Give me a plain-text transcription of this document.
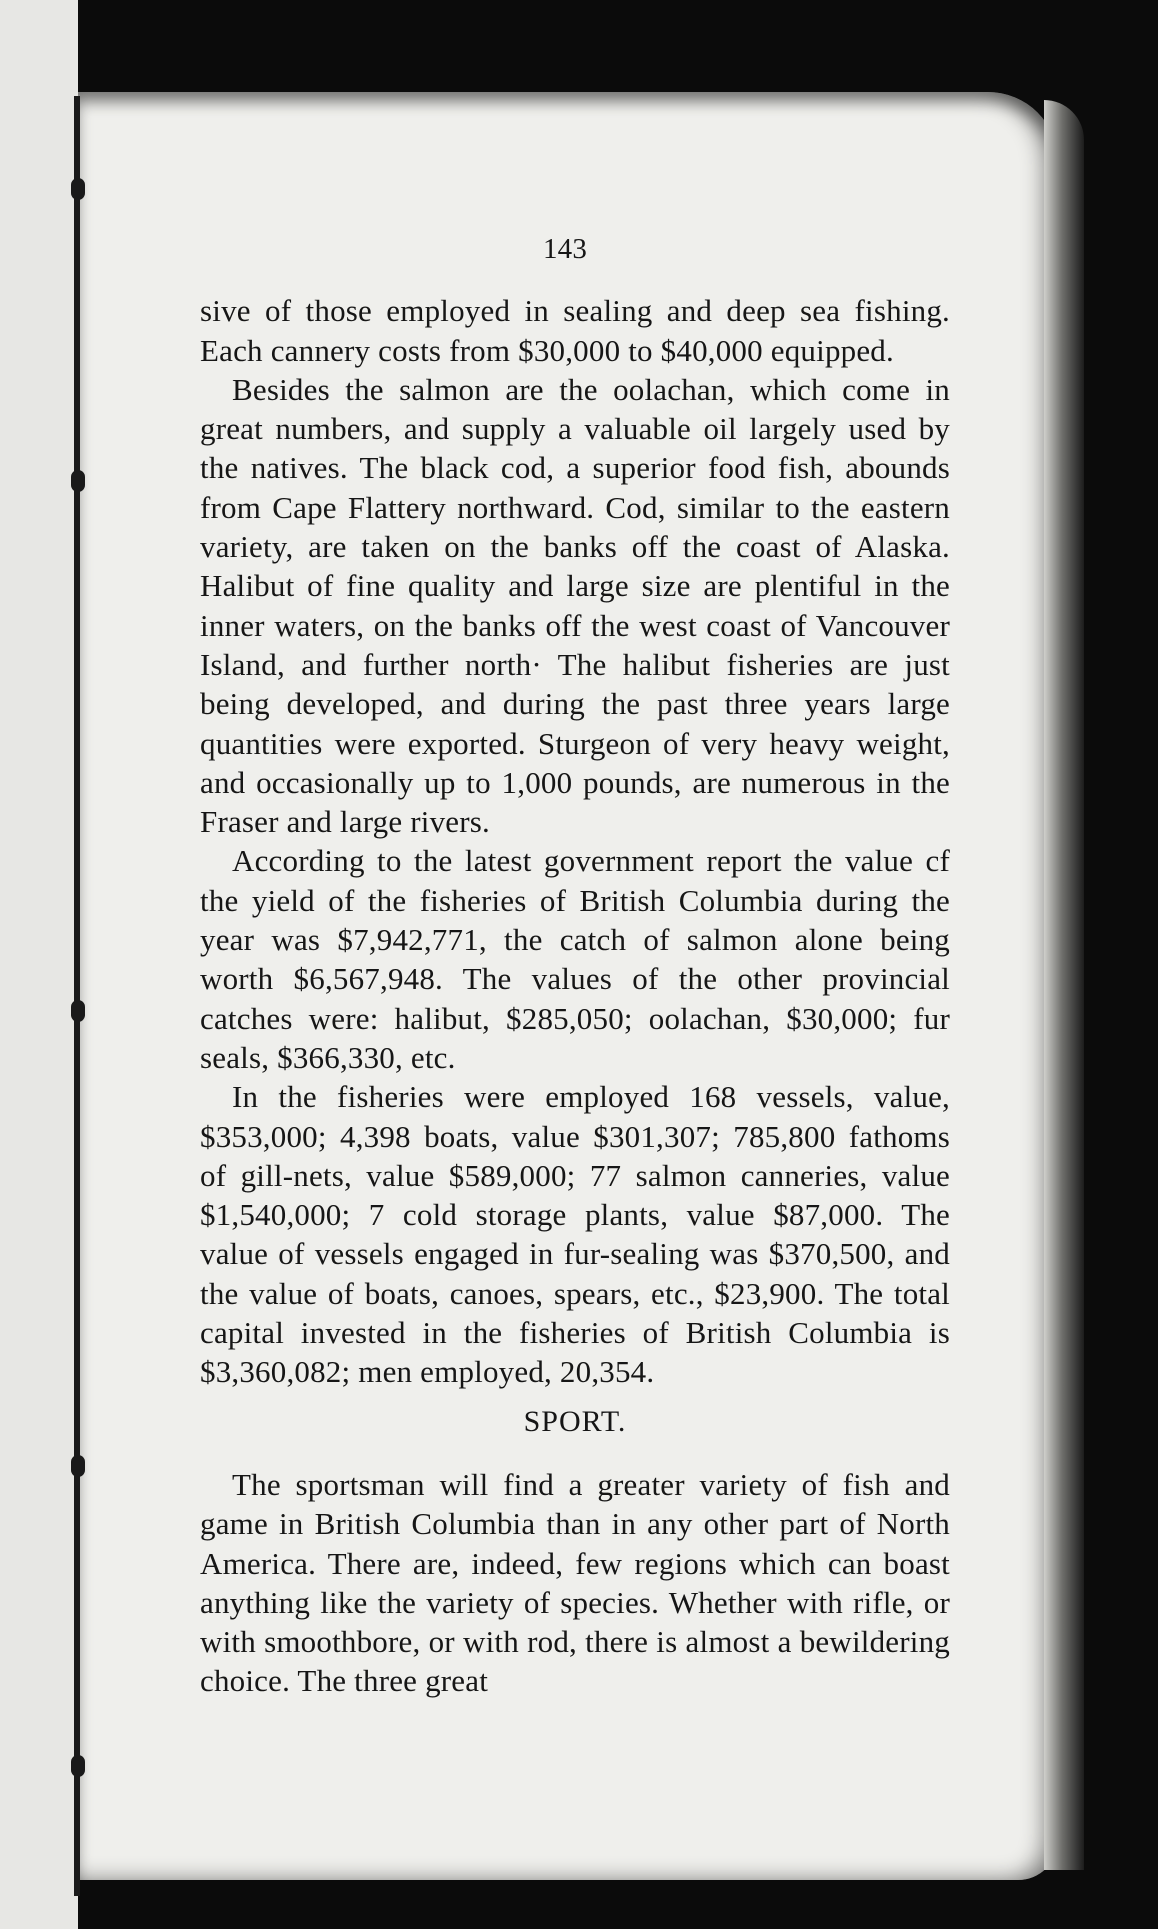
143

sive of those employed in sealing and deep sea fishing. Each cannery costs from $30,000 to $40,000 equipped.

Besides the salmon are the oolachan, which come in great numbers, and supply a valuable oil largely used by the natives. The black cod, a superior food fish, abounds from Cape Flattery northward. Cod, similar to the eastern variety, are taken on the banks off the coast of Alaska. Halibut of fine quality and large size are plentiful in the inner waters, on the banks off the west coast of Vancouver Island, and further north· The halibut fisheries are just being developed, and during the past three years large quantities were exported. Sturgeon of very heavy weight, and occasionally up to 1,000 pounds, are numerous in the Fraser and large rivers.

According to the latest government report the value cf the yield of the fisheries of British Columbia during the year was $7,942,771, the catch of salmon alone being worth $6,567,948. The values of the other provincial catches were: halibut, $285,050; oolachan, $30,000; fur seals, $366,330, etc.

In the fisheries were employed 168 vessels, value, $353,000; 4,398 boats, value $301,307; 785,800 fathoms of gill-nets, value $589,000; 77 salmon canneries, value $1,540,000; 7 cold storage plants, value $87,000. The value of vessels engaged in fur-sealing was $370,500, and the value of boats, canoes, spears, etc., $23,900. The total capital invested in the fisheries of British Columbia is $3,360,082; men employed, 20,354.

SPORT.

The sportsman will find a greater variety of fish and game in British Columbia than in any other part of North America. There are, indeed, few regions which can boast anything like the variety of species. Whether with rifle, or with smoothbore, or with rod, there is almost a bewildering choice. The three great
